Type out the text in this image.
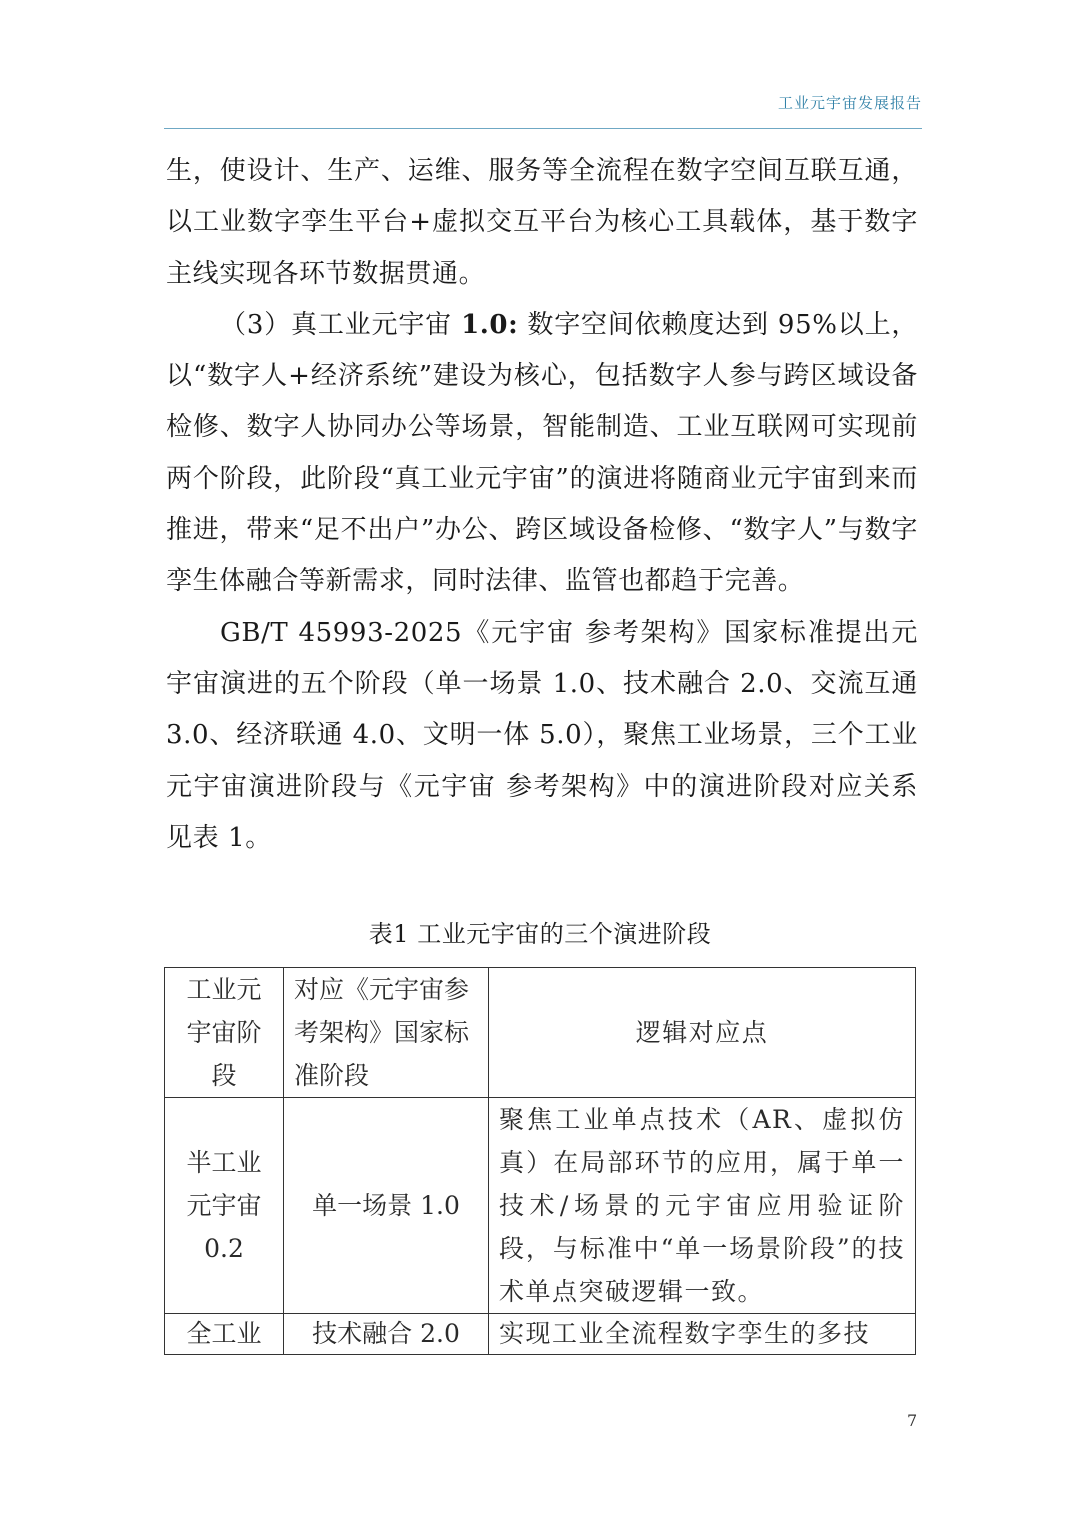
工业元宇宙发展报告

生，使设计、生产、运维、服务等全流程在数字空间互联互通，以工业数字孪生平台+虚拟交互平台为核心工具载体，基于数字主线实现各环节数据贯通。

（3）真工业元宇宙 1.0: 数字空间依赖度达到 95%以上，以“数字人+经济系统”建设为核心，包括数字人参与跨区域设备检修、数字人协同办公等场景，智能制造、工业互联网可实现前两个阶段，此阶段“真工业元宇宙”的演进将随商业元宇宙到来而推进，带来“足不出户”办公、跨区域设备检修、“数字人”与数字孪生体融合等新需求，同时法律、监管也都趋于完善。

GB/T 45993-2025《元宇宙 参考架构》国家标准提出元宇宙演进的五个阶段（单一场景 1.0、技术融合 2.0、交流互通 3.0、经济联通 4.0、文明一体 5.0），聚焦工业场景，三个工业元宇宙演进阶段与《元宇宙 参考架构》中的演进阶段对应关系见表 1。

表1 工业元宇宙的三个演进阶段
工业元宇宙阶段	对应《元宇宙参考架构》国家标准阶段	逻辑对应点
半工业元宇宙 0.2	单一场景 1.0	聚焦工业单点技术（AR、虚拟仿真）在局部环节的应用，属于单一技术/场景的元宇宙应用验证阶段，与标准中“单一场景阶段”的技术单点突破逻辑一致。
全工业	技术融合 2.0	实现工业全流程数字孪生的多技
7
